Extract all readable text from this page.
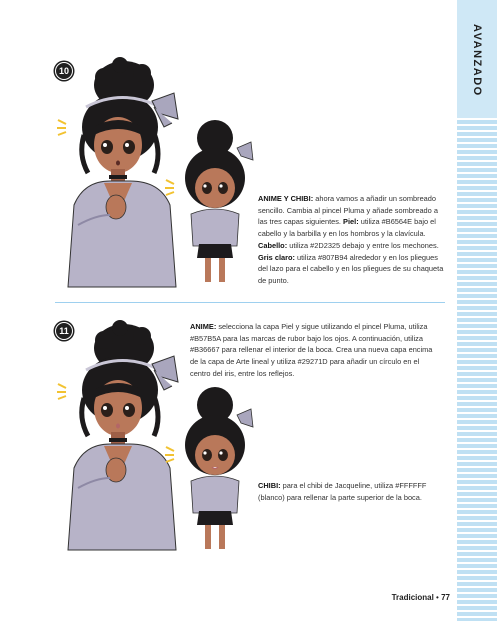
AVANZADO
10
ANIME Y CHIBI: ahora vamos a añadir un sombreado sencillo. Cambia al pincel Pluma y añade sombreado a las tres capas siguientes. Piel: utiliza #B6564E bajo el cabello y la barbilla y en los hombros y la clavícula. Cabello: utiliza #2D2325 debajo y entre los mechones. Gris claro: utiliza #807B94 alrededor y en los pliegues del lazo para el cabello y en los pliegues de su chaqueta de punto.
11	ANIME: selecciona la capa Piel y sigue utilizando el pincel Pluma, utiliza #B57B5A para las marcas de rubor bajo los ojos. A continuación, utiliza #B36667 para rellenar el interior de la boca. Crea una nueva capa encima de la capa de Arte lineal y utiliza #29271D para añadir un círculo en el centro del iris, entre los reflejos.
CHIBI: para el chibi de Jacqueline, utiliza #FFFFFF (blanco) para rellenar la parte superior de la boca.
Tradicional • 77
